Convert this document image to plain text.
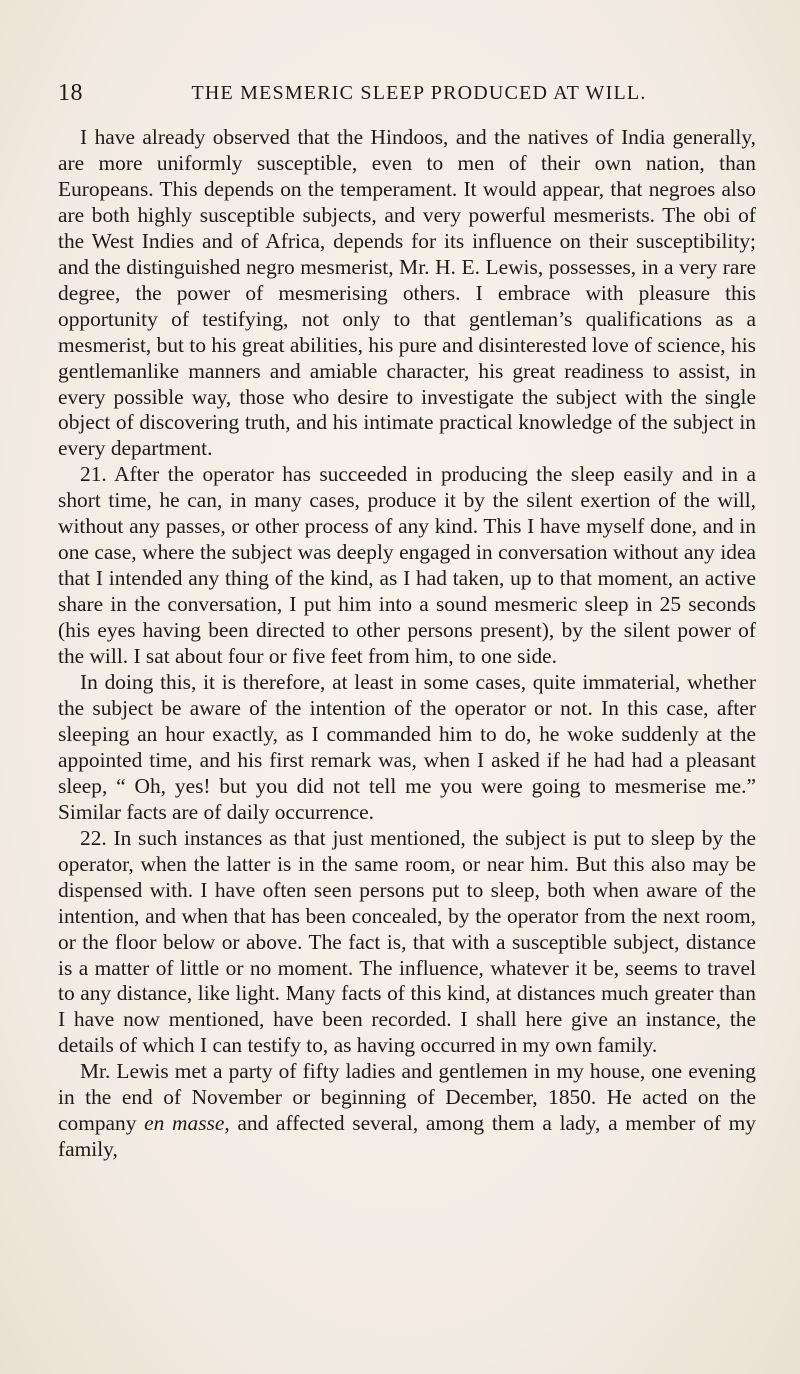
18	THE MESMERIC SLEEP PRODUCED AT WILL.

I have already observed that the Hindoos, and the natives of India generally, are more uniformly susceptible, even to men of their own nation, than Europeans. This depends on the temperament. It would appear, that negroes also are both highly susceptible subjects, and very powerful mesmerists. The obi of the West Indies and of Africa, depends for its influence on their susceptibility; and the distinguished negro mesmerist, Mr. H. E. Lewis, possesses, in a very rare degree, the power of mesmerising others. I embrace with pleasure this opportunity of testifying, not only to that gentleman’s qualifications as a mesmerist, but to his great abilities, his pure and disinterested love of science, his gentlemanlike manners and amiable character, his great readiness to assist, in every possible way, those who desire to investigate the subject with the single object of discovering truth, and his intimate practical knowledge of the subject in every department.

21. After the operator has succeeded in producing the sleep easily and in a short time, he can, in many cases, produce it by the silent exertion of the will, without any passes, or other process of any kind. This I have myself done, and in one case, where the subject was deeply engaged in conversation without any idea that I intended any thing of the kind, as I had taken, up to that moment, an active share in the conversation, I put him into a sound mesmeric sleep in 25 seconds (his eyes having been directed to other persons present), by the silent power of the will. I sat about four or five feet from him, to one side.

In doing this, it is therefore, at least in some cases, quite immaterial, whether the subject be aware of the intention of the operator or not. In this case, after sleeping an hour exactly, as I commanded him to do, he woke suddenly at the appointed time, and his first remark was, when I asked if he had had a pleasant sleep, “ Oh, yes! but you did not tell me you were going to mesmerise me.” Similar facts are of daily occurrence.

22. In such instances as that just mentioned, the subject is put to sleep by the operator, when the latter is in the same room, or near him. But this also may be dispensed with. I have often seen persons put to sleep, both when aware of the intention, and when that has been concealed, by the operator from the next room, or the floor below or above. The fact is, that with a susceptible subject, distance is a matter of little or no moment. The influence, whatever it be, seems to travel to any distance, like light. Many facts of this kind, at distances much greater than I have now mentioned, have been recorded. I shall here give an instance, the details of which I can testify to, as having occurred in my own family.

Mr. Lewis met a party of fifty ladies and gentlemen in my house, one evening in the end of November or beginning of December, 1850. He acted on the company en masse, and affected several, among them a lady, a member of my family,
